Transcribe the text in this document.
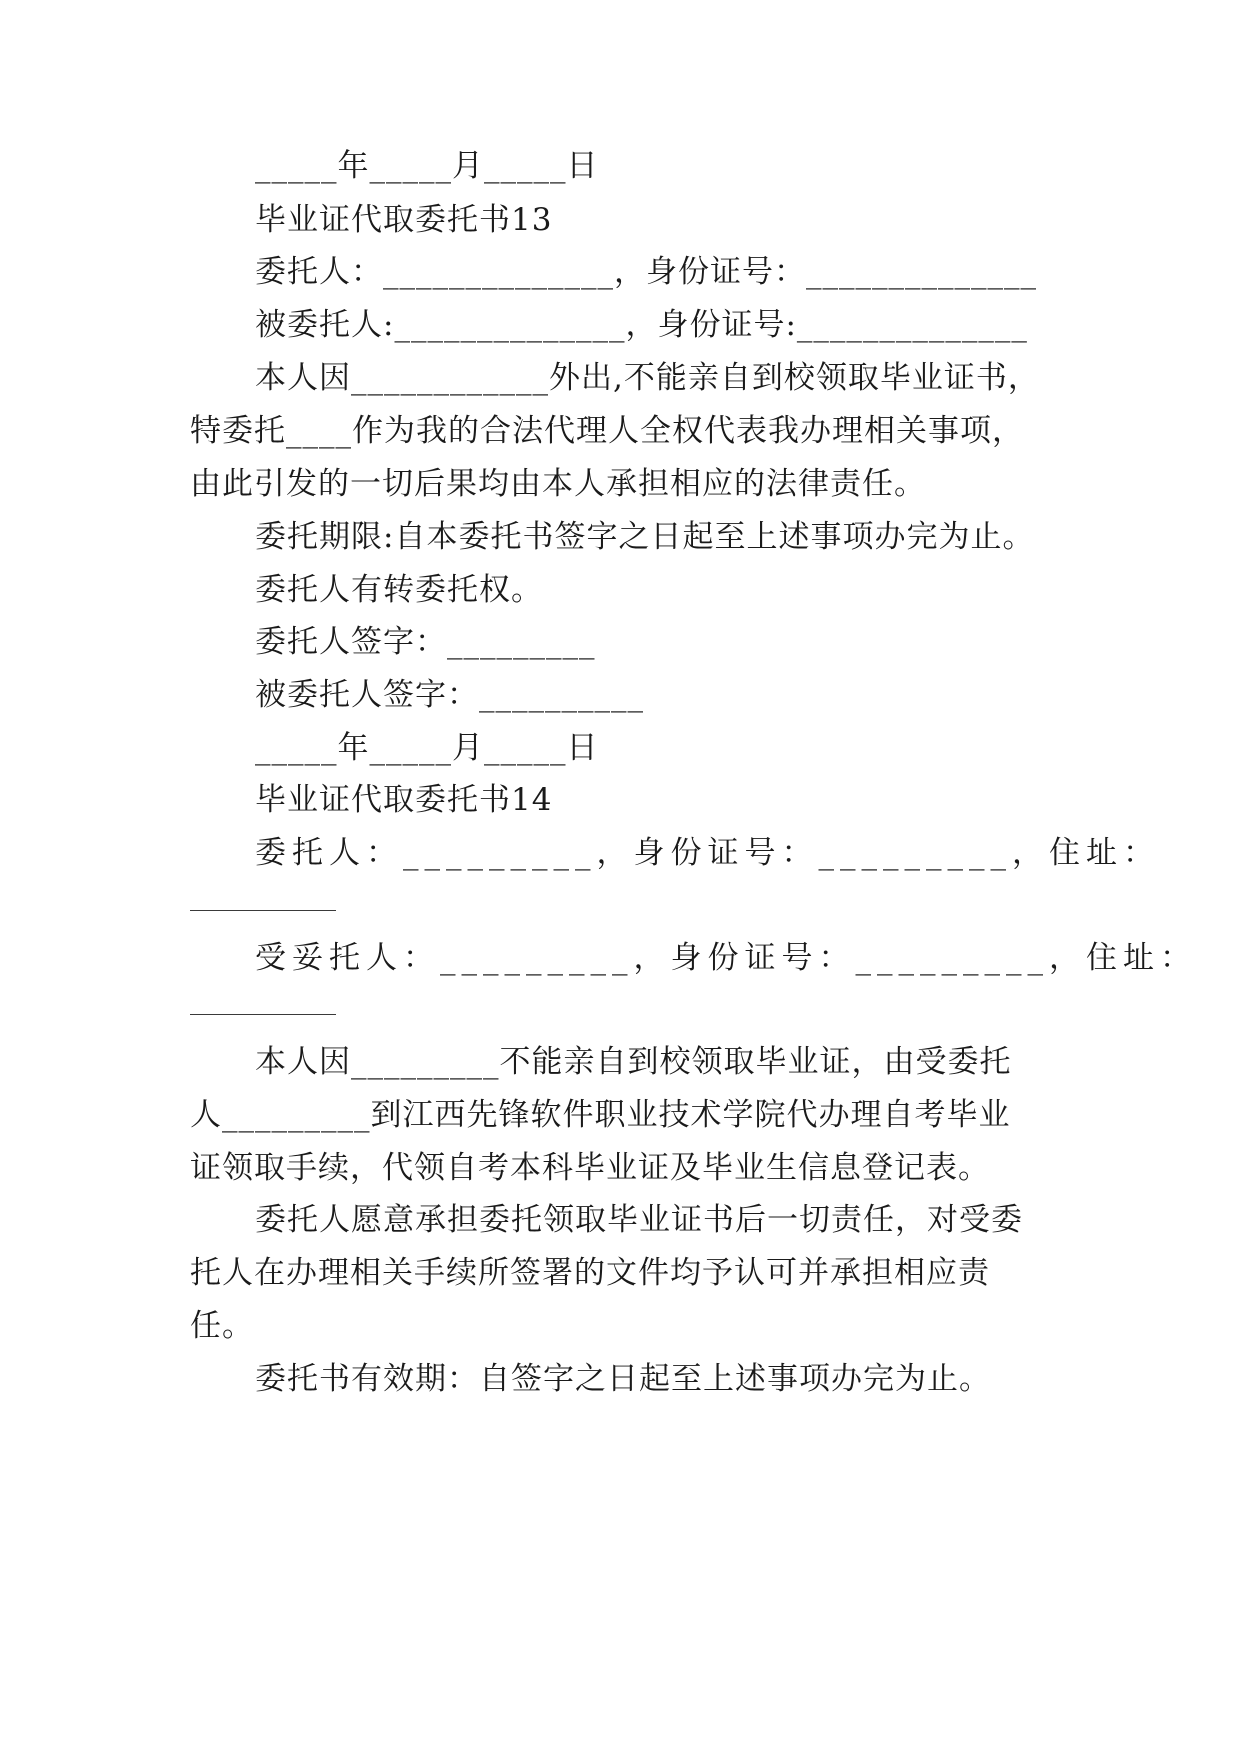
_____年_____月_____日
毕业证代取委托书13
委托人：______________，身份证号：______________
被委托人:______________，身份证号:______________
本人因____________外出,不能亲自到校领取毕业证书，
特委托____作为我的合法代理人全权代表我办理相关事项，
由此引发的一切后果均由本人承担相应的法律责任。
委托期限:自本委托书签字之日起至上述事项办完为止。
委托人有转委托权。
委托人签字：_________
被委托人签字：__________
_____年_____月_____日
毕业证代取委托书14
委托人：_________，身份证号：_________，住址：
受妥托人：_________，身份证号：_________，住址：
本人因_________不能亲自到校领取毕业证，由受委托
人_________到江西先锋软件职业技术学院代办理自考毕业
证领取手续，代领自考本科毕业证及毕业生信息登记表。
委托人愿意承担委托领取毕业证书后一切责任，对受委
托人在办理相关手续所签署的文件均予认可并承担相应责
任。
委托书有效期：自签字之日起至上述事项办完为止。
